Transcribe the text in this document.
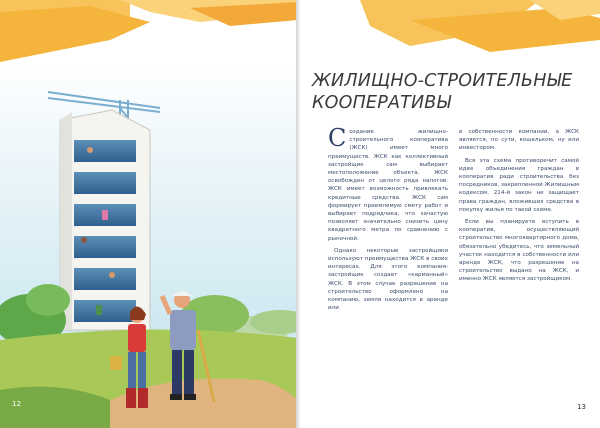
12	13
ЖИЛИЩНО-СТРОИТЕЛЬНЫЕ
КООПЕРАТИВЫ

Создание жилищно-строительного кооператива (ЖСК) имеет много преимуществ. ЖСК как коллективный застройщик сам выбирает местоположение объекта. ЖСК освобожден от целого ряда налогов. ЖСК имеет возможность привлекать кредитные средства. ЖСК сам формирует приемлемую смету работ и выбирает подрядчика, что зачастую позволяет значительно снизить цену квадратного метра по сравнению с рыночной.

Однако некоторые застройщики используют преимущества ЖСК в своих интересах. Для этого компания-застройщик создает «карманный» ЖСК. В этом случае разрешение на строительство оформлено на компанию, земля находится в аренде или

в собственности компании, а ЖСК является, по сути, кошельком, ну или инвестором.

Вся эта схема противоречит самой идее объединения граждан в кооператив ради строительства без посредников, закрепленной Жилищным кодексом. 214-й закон не защищает права граждан, вложивших средства в покупку жилья по такой схеме.

Если вы планируете вступить в кооператив, осуществляющий строительство многоквартирного дома, обязательно убедитесь, что земельный участок находится в собственности или аренде ЖСК, что разрешение на строительство выдано на ЖСК, и именно ЖСК является застройщиком.
